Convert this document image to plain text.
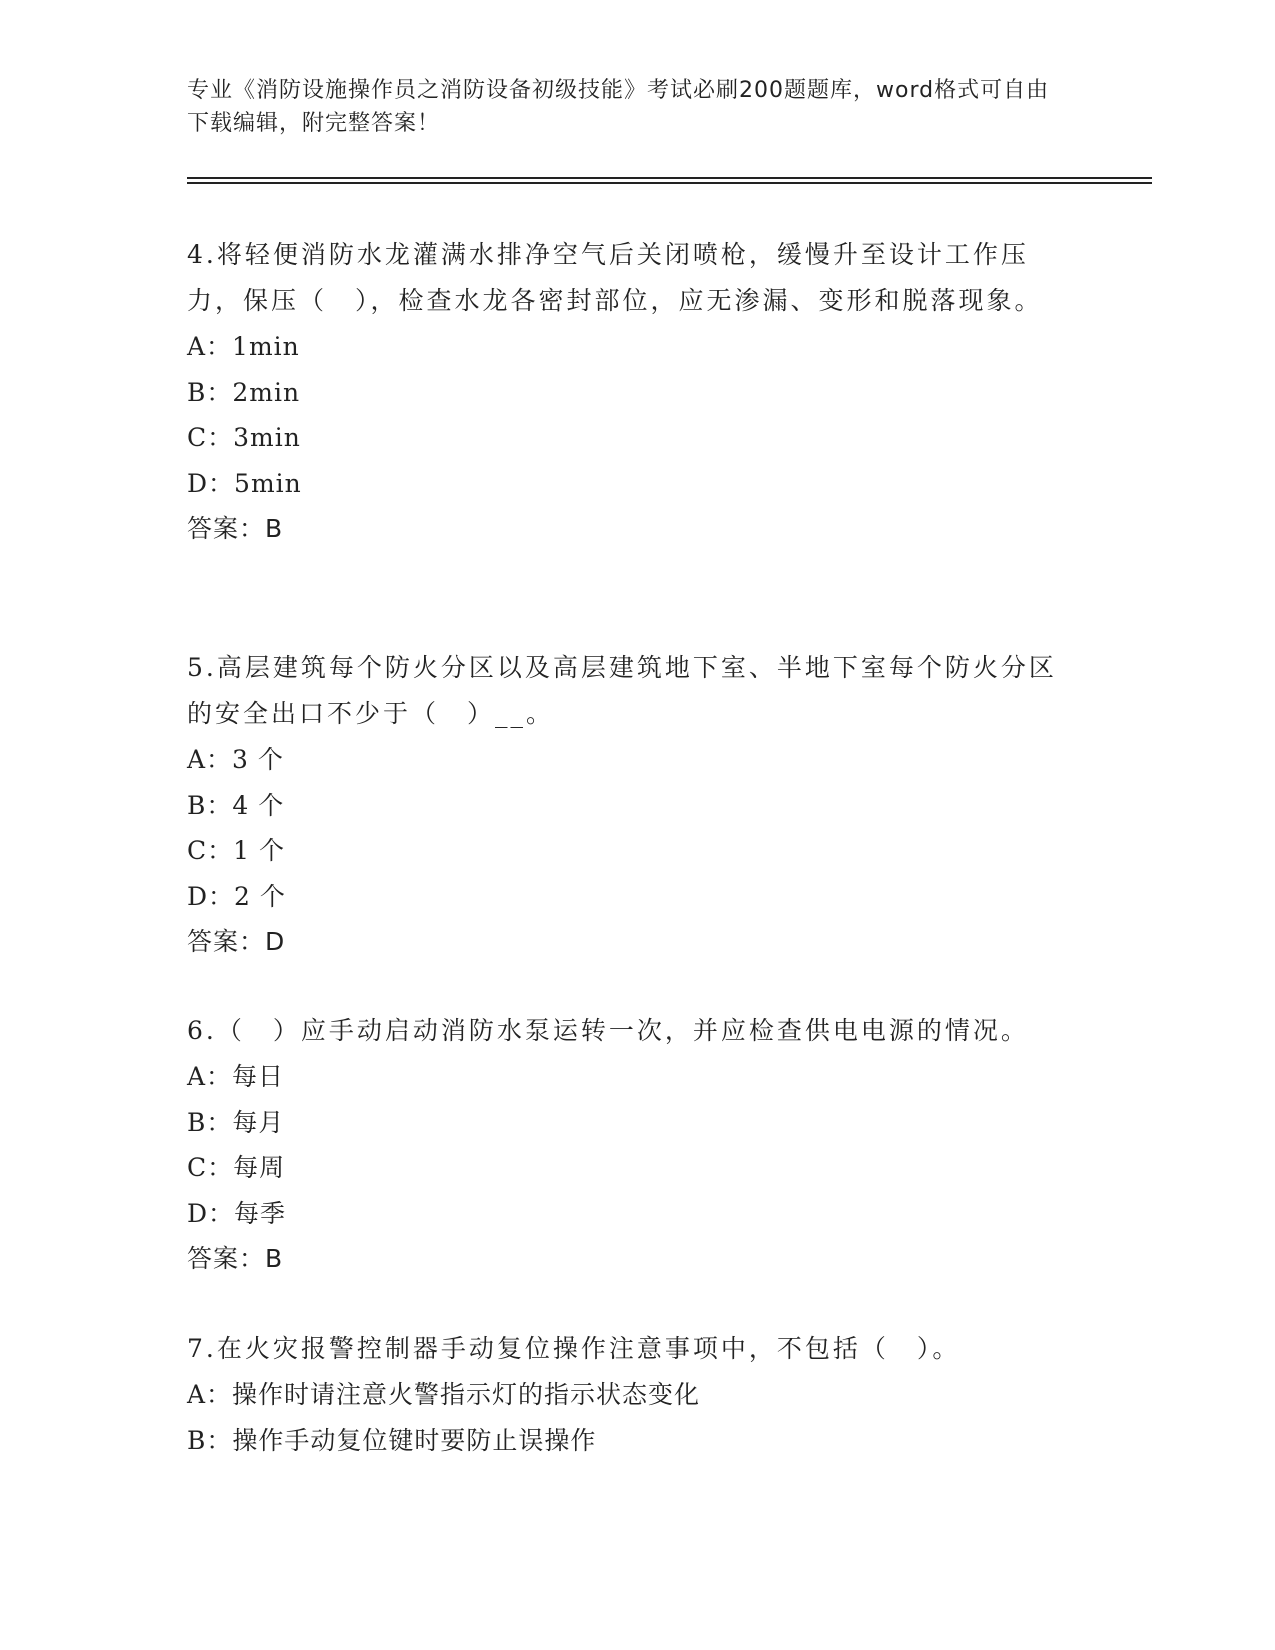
专业《消防设施操作员之消防设备初级技能》考试必刷200题题库，word格式可自由下载编辑，附完整答案！

4.将轻便消防水龙灌满水排净空气后关闭喷枪，缓慢升至设计工作压力，保压（　），检查水龙各密封部位，应无渗漏、变形和脱落现象。

A：1min
B：2min
C：3min
D：5min
答案：B

5.高层建筑每个防火分区以及高层建筑地下室、半地下室每个防火分区的安全出口不少于（　）__。

A：3 个
B：4 个
C：1 个
D：2 个
答案：D

6.（　）应手动启动消防水泵运转一次，并应检查供电电源的情况。

A：每日
B：每月
C：每周
D：每季
答案：B

7.在火灾报警控制器手动复位操作注意事项中，不包括（　）。

A：操作时请注意火警指示灯的指示状态变化
B：操作手动复位键时要防止误操作
